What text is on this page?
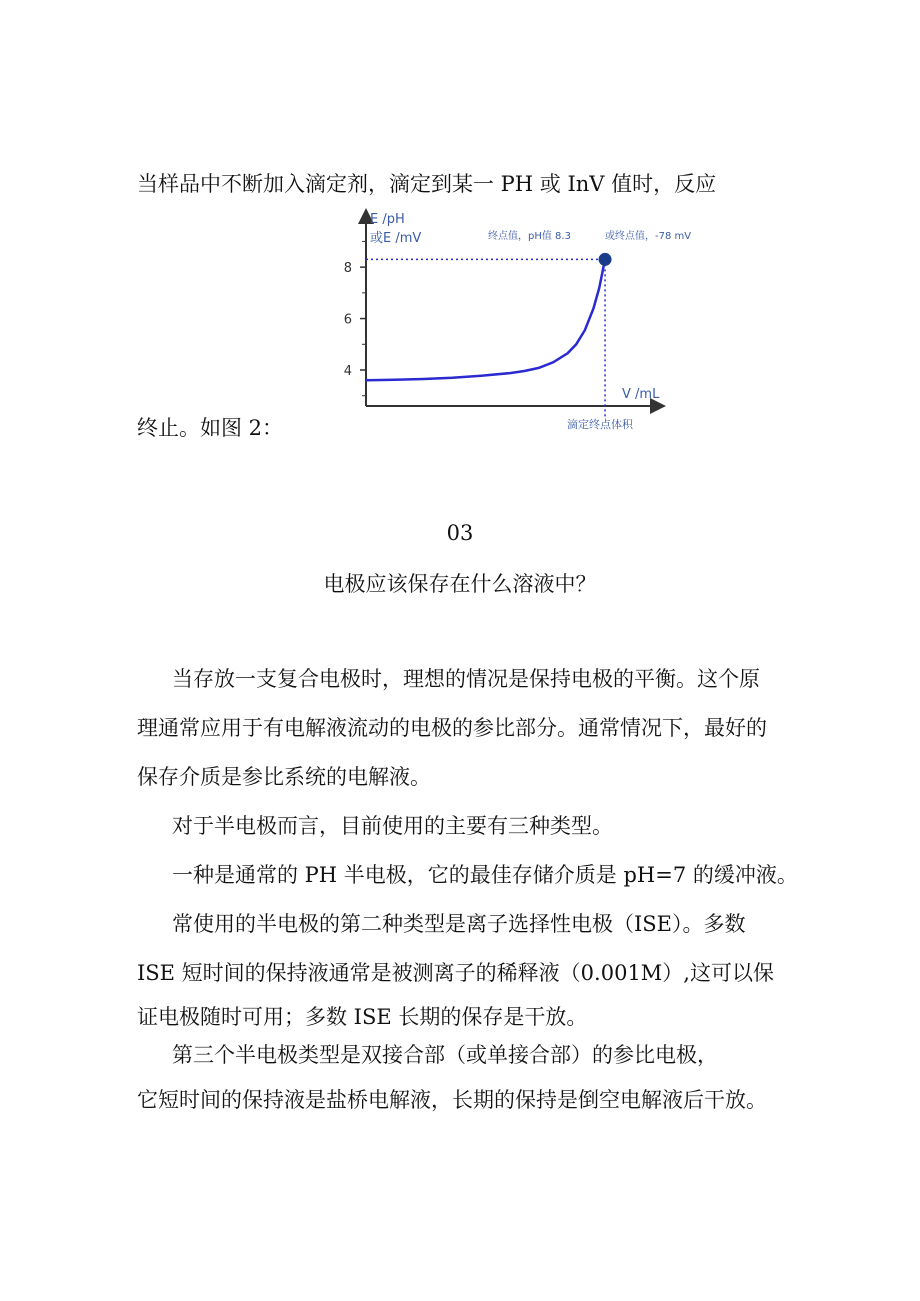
当样品中不断加入滴定剂，滴定到某一 PH 或 InV 值时，反应
终止。如图 2：
8
6
4
E /pH
或E /mV
V /mL
滴定终点体积
终点值，pH值 8.3	或终点值，-78 mV
03
电极应该保存在什么溶液中？
当存放一支复合电极时，理想的情况是保持电极的平衡。这个原
理通常应用于有电解液流动的电极的参比部分。通常情况下，最好的
保存介质是参比系统的电解液。
对于半电极而言，目前使用的主要有三种类型。
一种是通常的 PH 半电极，它的最佳存储介质是 pH=7 的缓冲液。
常使用的半电极的第二种类型是离子选择性电极（ISE）。多数
ISE 短时间的保持液通常是被测离子的稀释液（0.001M）,这可以保
证电极随时可用；多数 ISE 长期的保存是干放。
第三个半电极类型是双接合部（或单接合部）的参比电极，
它短时间的保持液是盐桥电解液，长期的保持是倒空电解液后干放。
